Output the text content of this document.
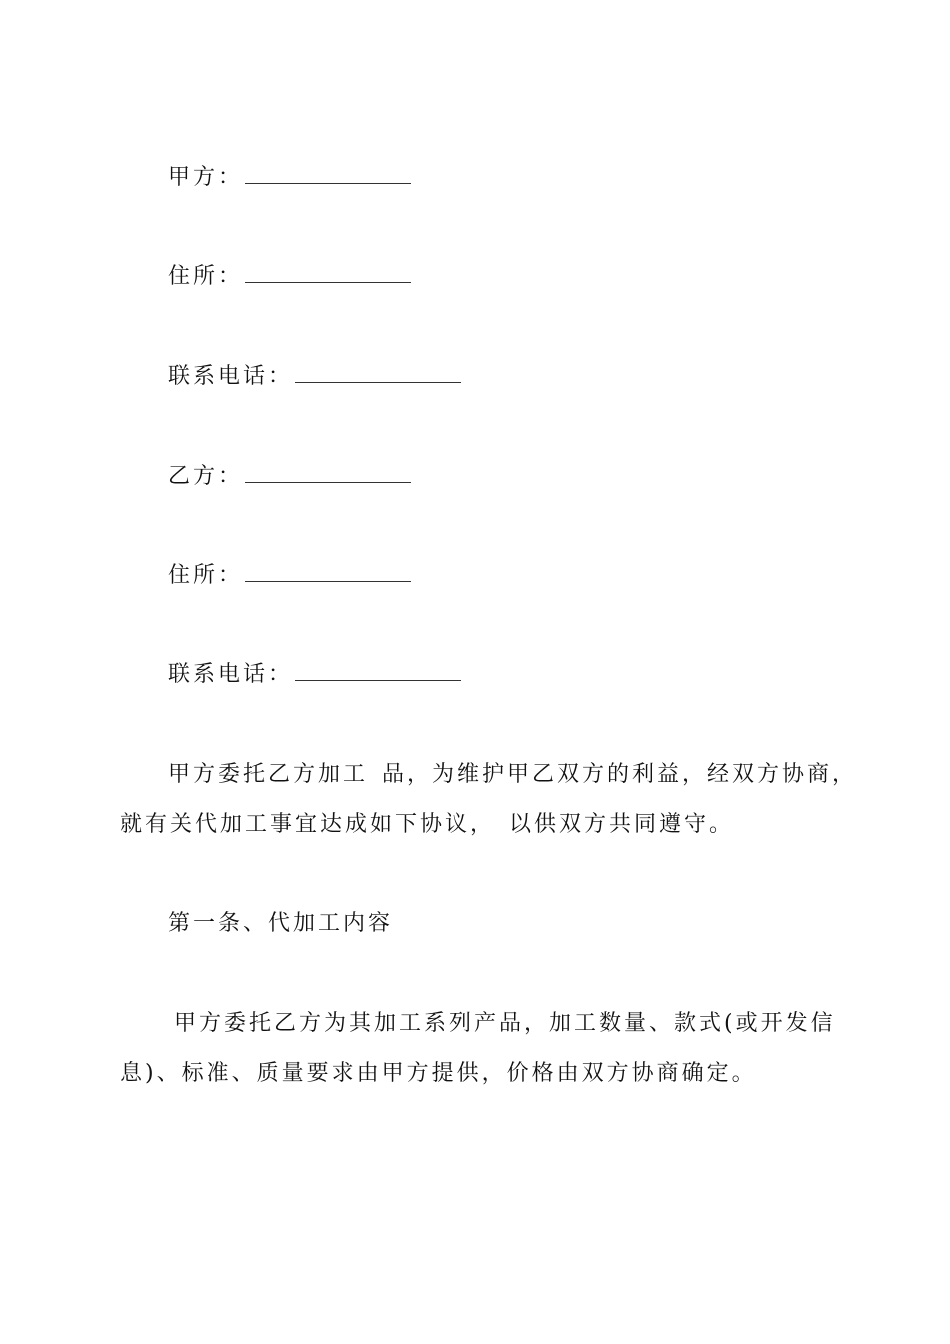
甲方：
住所：
联系电话：
乙方：
住所：
联系电话：
甲方委托乙方加工 品，为维护甲乙双方的利益，经双方协商，
就有关代加工事宜达成如下协议， 以供双方共同遵守。
第一条、代加工内容
甲方委托乙方为其加工系列产品，加工数量、款式(或开发信
息)、标准、质量要求由甲方提供，价格由双方协商确定。
